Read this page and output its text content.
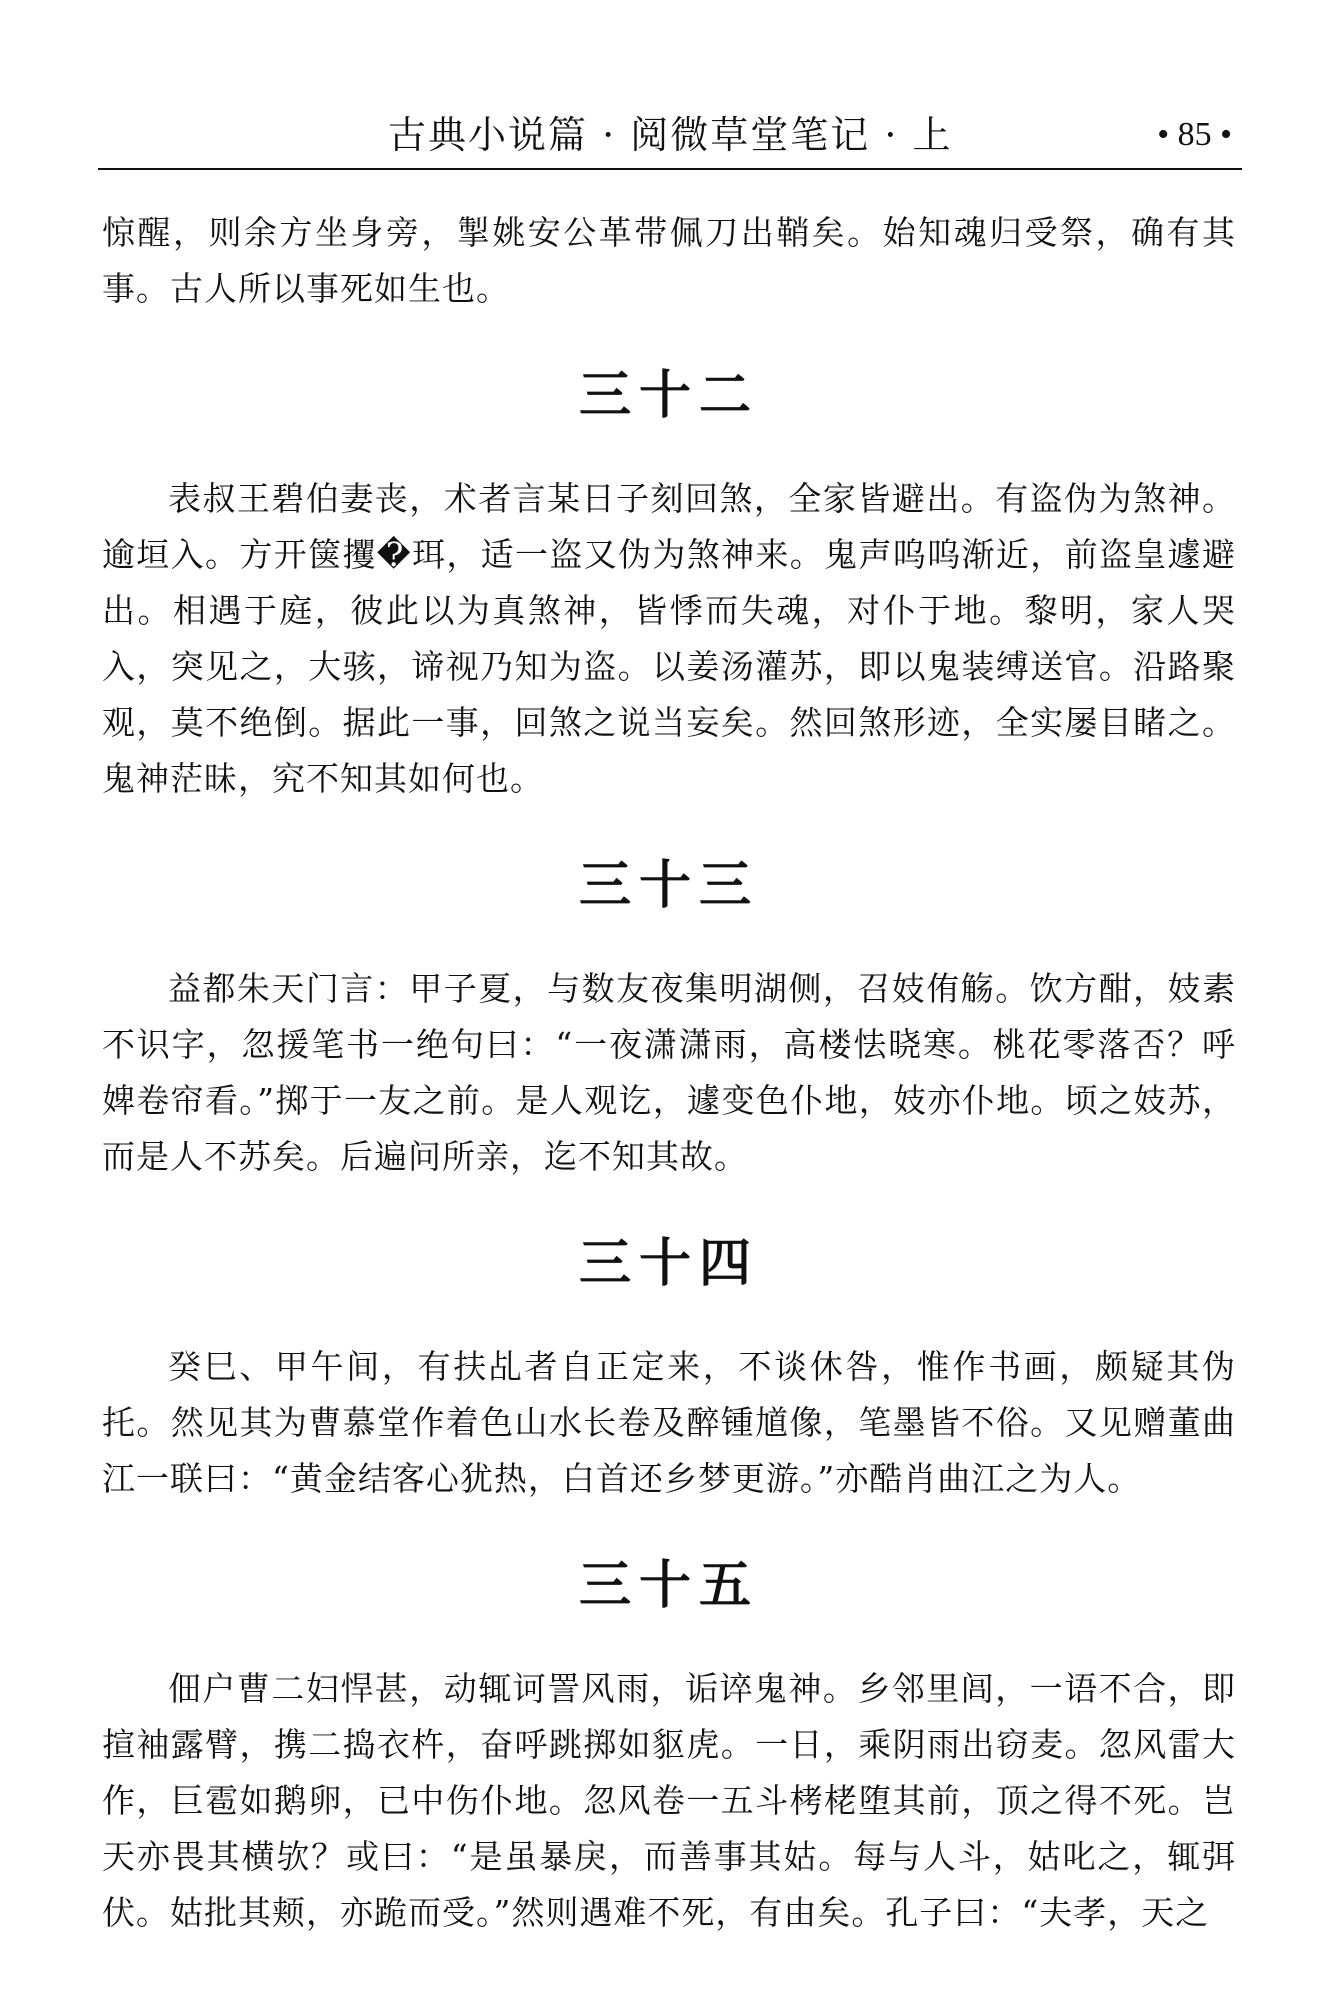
古典小说篇 · 阅微草堂笔记 · 上	• 85 •

惊醒，则余方坐身旁，掣姚安公革带佩刀出鞘矣。始知魂归受祭，确有其事。古人所以事死如生也。

三十二

表叔王碧伯妻丧，术者言某日子刻回煞，全家皆避出。有盗伪为煞神。逾垣入。方开箧攫�珥，适一盗又伪为煞神来。鬼声呜呜渐近，前盗皇遽避出。相遇于庭，彼此以为真煞神，皆悸而失魂，对仆于地。黎明，家人哭入，突见之，大骇，谛视乃知为盗。以姜汤灌苏，即以鬼装缚送官。沿路聚观，莫不绝倒。据此一事，回煞之说当妄矣。然回煞形迹，全实屡目睹之。鬼神茫昧，究不知其如何也。

三十三

益都朱天门言：甲子夏，与数友夜集明湖侧，召妓侑觞。饮方酣，妓素不识字，忽援笔书一绝句曰：“一夜潇潇雨，高楼怯晓寒。桃花零落否？呼婢卷帘看。”掷于一友之前。是人观讫，遽变色仆地，妓亦仆地。顷之妓苏，而是人不苏矣。后遍问所亲，迄不知其故。

三十四

癸巳、甲午间，有扶乩者自正定来，不谈休咎，惟作书画，颇疑其伪托。然见其为曹慕堂作着色山水长卷及醉锺馗像，笔墨皆不俗。又见赠董曲江一联曰：“黄金结客心犹热，白首还乡梦更游。”亦酷肖曲江之为人。

三十五

佃户曹二妇悍甚，动辄诃詈风雨，诟谇鬼神。乡邻里闾，一语不合，即揎袖露臂，携二捣衣杵，奋呼跳掷如䝙虎。一日，乘阴雨出窃麦。忽风雷大作，巨雹如鹅卵，已中伤仆地。忽风卷一五斗栲栳堕其前，顶之得不死。岂天亦畏其横欤？或曰：“是虽暴戾，而善事其姑。每与人斗，姑叱之，辄弭伏。姑批其颊，亦跪而受。”然则遇难不死，有由矣。孔子曰：“夫孝，天之
